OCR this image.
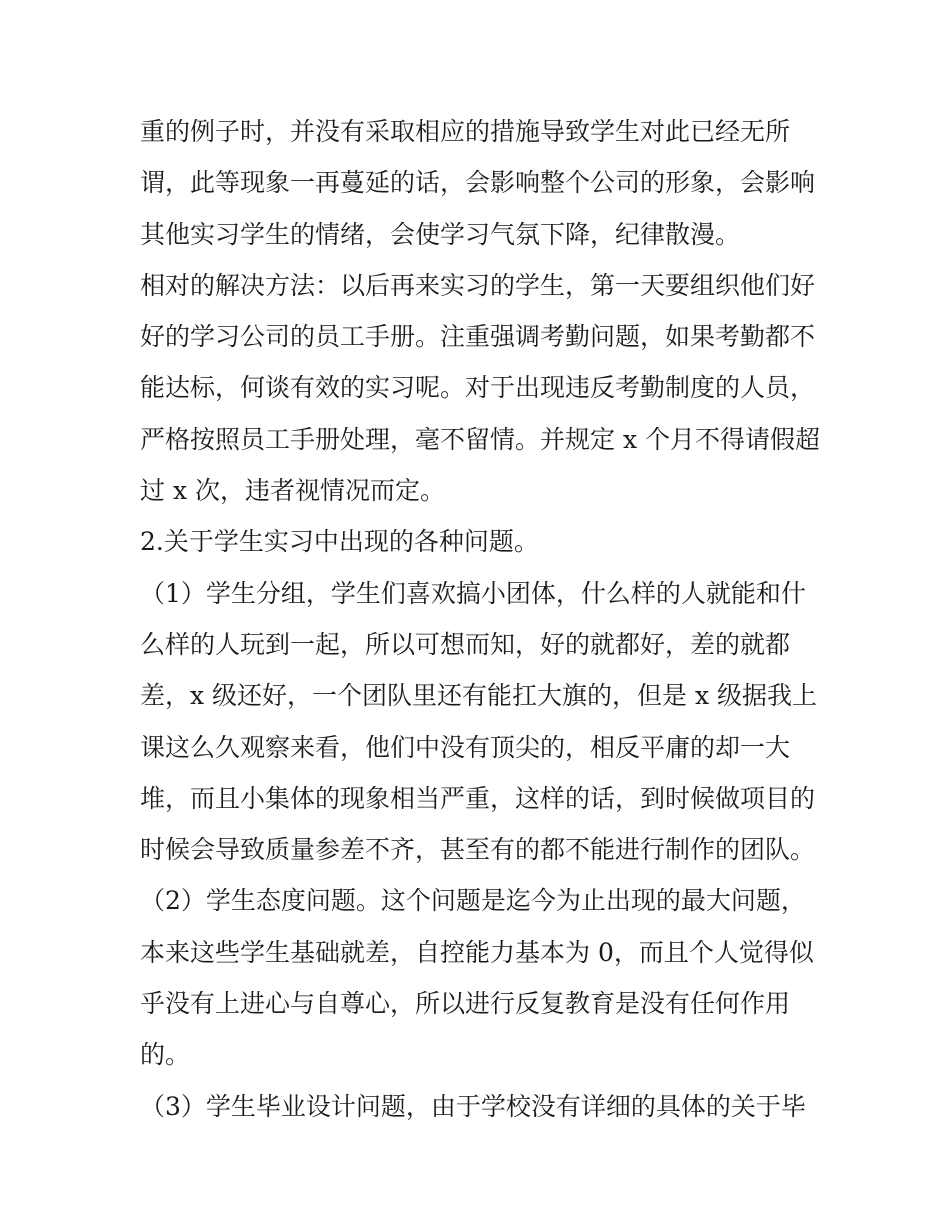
重的例子时，并没有采取相应的措施导致学生对此已经无所
谓，此等现象一再蔓延的话，会影响整个公司的形象，会影响
其他实习学生的情绪，会使学习气氛下降，纪律散漫。
相对的解决方法：以后再来实习的学生，第一天要组织他们好
好的学习公司的员工手册。注重强调考勤问题，如果考勤都不
能达标，何谈有效的实习呢。对于出现违反考勤制度的人员，
严格按照员工手册处理，毫不留情。并规定 x 个月不得请假超
过 x 次，违者视情况而定。
2.关于学生实习中出现的各种问题。
（1）学生分组，学生们喜欢搞小团体，什么样的人就能和什
么样的人玩到一起，所以可想而知，好的就都好，差的就都
差，x 级还好，一个团队里还有能扛大旗的，但是 x 级据我上
课这么久观察来看，他们中没有顶尖的，相反平庸的却一大
堆，而且小集体的现象相当严重，这样的话，到时候做项目的
时候会导致质量参差不齐，甚至有的都不能进行制作的团队。
（2）学生态度问题。这个问题是迄今为止出现的最大问题，
本来这些学生基础就差，自控能力基本为 0，而且个人觉得似
乎没有上进心与自尊心，所以进行反复教育是没有任何作用
的。
（3）学生毕业设计问题，由于学校没有详细的具体的关于毕
